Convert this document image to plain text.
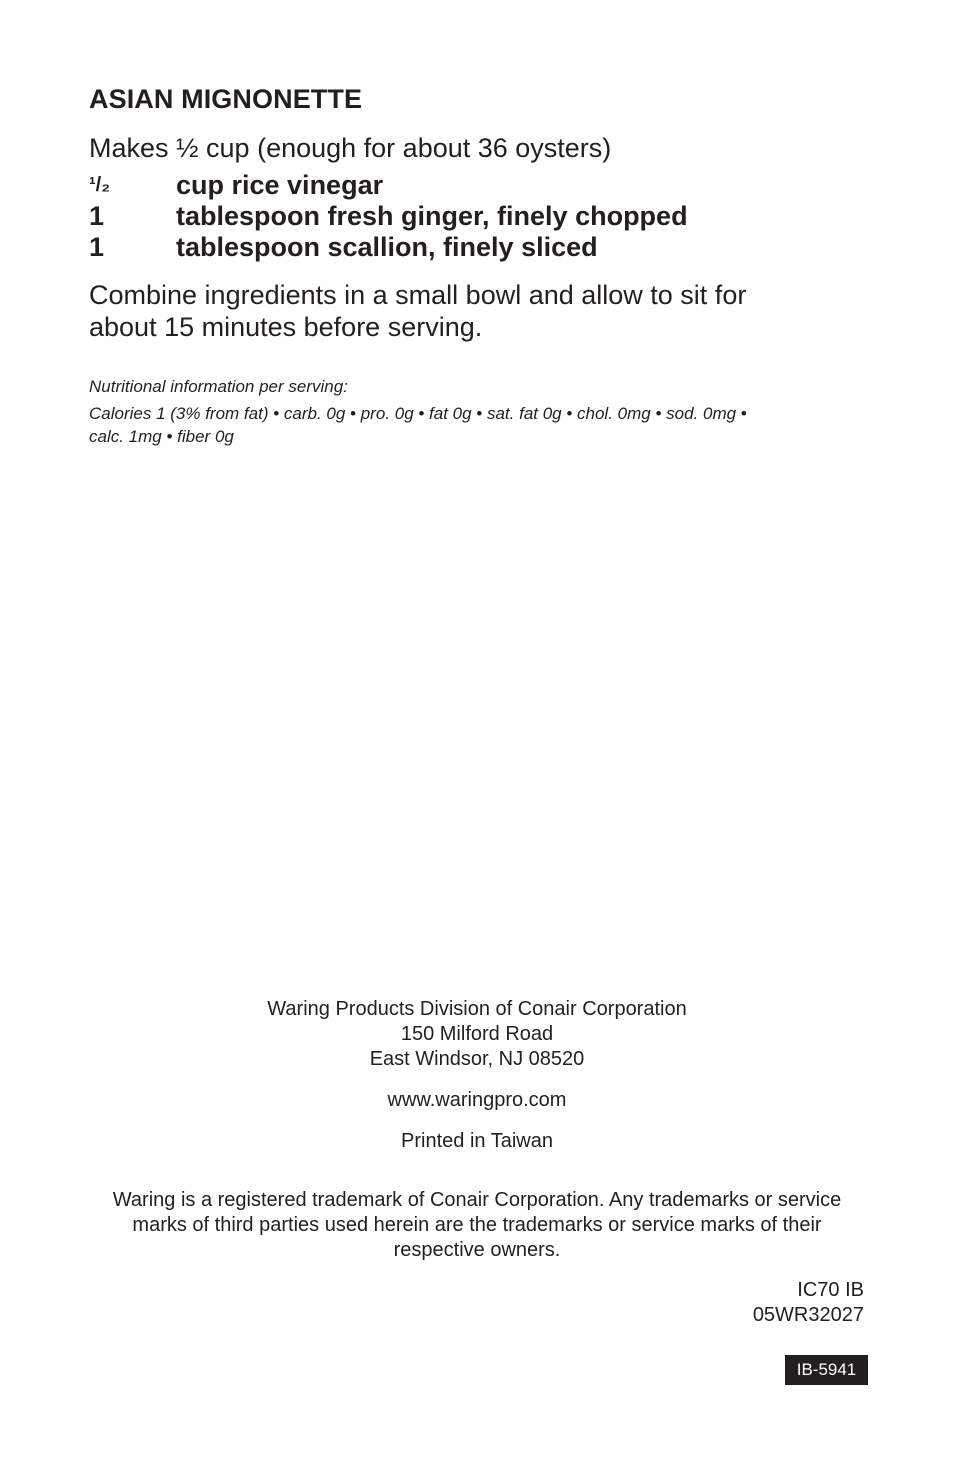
ASIAN MIGNONETTE
Makes ½ cup (enough for about 36 oysters)
¹/₂	cup rice vinegar
1	tablespoon fresh ginger, finely chopped
1	tablespoon scallion, finely sliced

Combine ingredients in a small bowl and allow to sit for about 15 minutes before serving.

Nutritional information per serving:
Calories 1 (3% from fat) • carb. 0g • pro. 0g • fat 0g • sat. fat 0g • chol. 0mg • sod. 0mg • calc. 1mg • fiber 0g
Waring Products Division of Conair Corporation
150 Milford Road
East Windsor, NJ 08520
www.waringpro.com
Printed in Taiwan
Waring is a registered trademark of Conair Corporation. Any trademarks or service marks of third parties used herein are the trademarks or service marks of their respective owners.
IC70 IB
05WR32027
IB-5941
